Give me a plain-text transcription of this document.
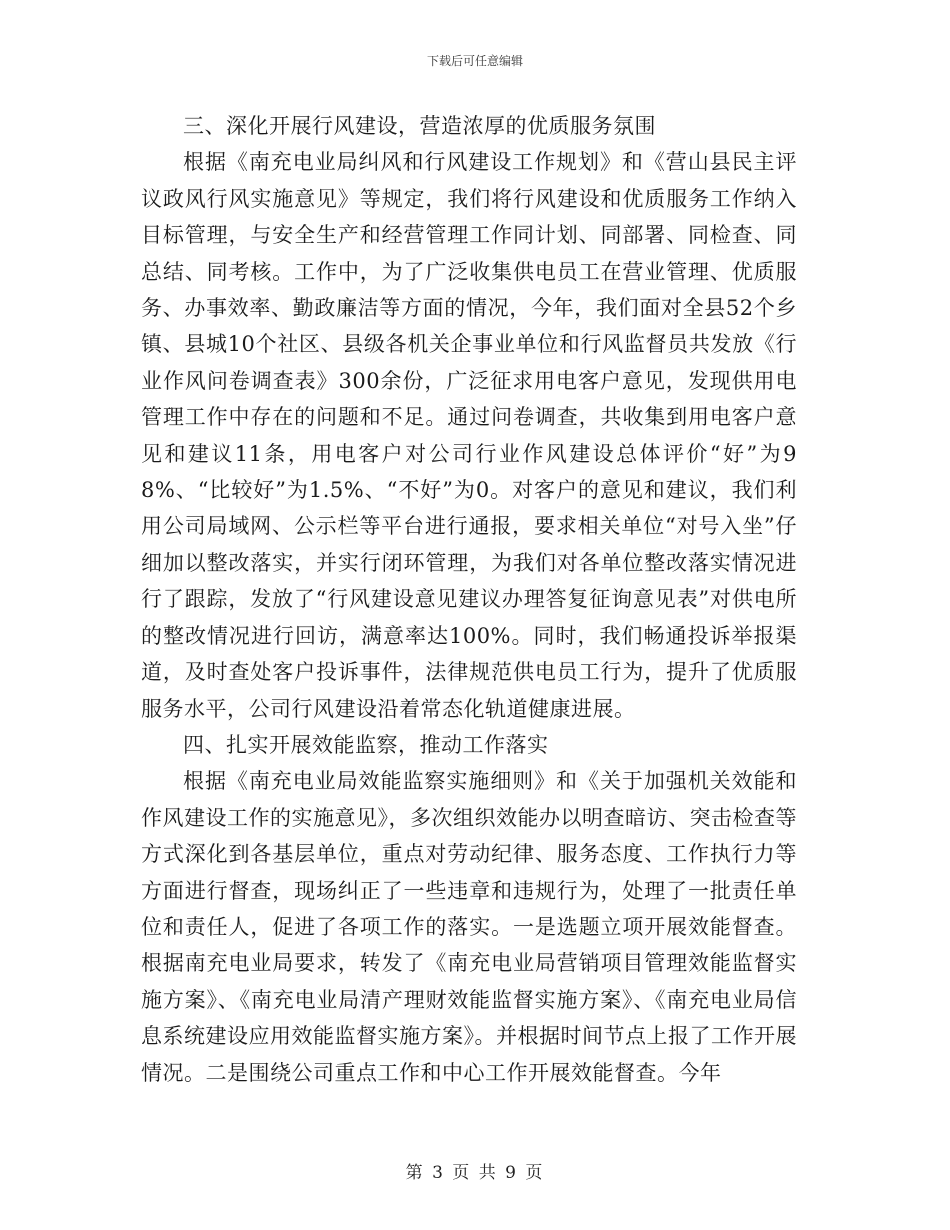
下载后可任意编辑

三、深化开展行风建设，营造浓厚的优质服务氛围

根据《南充电业局纠风和行风建设工作规划》和《营山县民主评议政风行风实施意见》等规定，我们将行风建设和优质服务工作纳入目标管理，与安全生产和经营管理工作同计划、同部署、同检查、同总结、同考核。工作中，为了广泛收集供电员工在营业管理、优质服务、办事效率、勤政廉洁等方面的情况，今年，我们面对全县52个乡镇、县城10个社区、县级各机关企事业单位和行风监督员共发放《行业作风问卷调查表》300余份，广泛征求用电客户意见，发现供用电管理工作中存在的问题和不足。通过问卷调查，共收集到用电客户意见和建议11条，用电客户对公司行业作风建设总体评价“好”为98%、“比较好”为1.5%、“不好”为0。对客户的意见和建议，我们利用公司局域网、公示栏等平台进行通报，要求相关单位“对号入坐”仔细加以整改落实，并实行闭环管理，为我们对各单位整改落实情况进行了跟踪，发放了“行风建设意见建议办理答复征询意见表”对供电所的整改情况进行回访，满意率达100%。同时，我们畅通投诉举报渠道，及时查处客户投诉事件，法律规范供电员工行为，提升了优质服服务水平，公司行风建设沿着常态化轨道健康进展。

四、扎实开展效能监察，推动工作落实

根据《南充电业局效能监察实施细则》和《关于加强机关效能和作风建设工作的实施意见》，多次组织效能办以明查暗访、突击检查等方式深化到各基层单位，重点对劳动纪律、服务态度、工作执行力等方面进行督查，现场纠正了一些违章和违规行为，处理了一批责任单位和责任人，促进了各项工作的落实。一是选题立项开展效能督查。根据南充电业局要求，转发了《南充电业局营销项目管理效能监督实施方案》、《南充电业局清产理财效能监督实施方案》、《南充电业局信息系统建设应用效能监督实施方案》。并根据时间节点上报了工作开展情况。二是围绕公司重点工作和中心工作开展效能督查。今年

第 3 页 共 9 页
